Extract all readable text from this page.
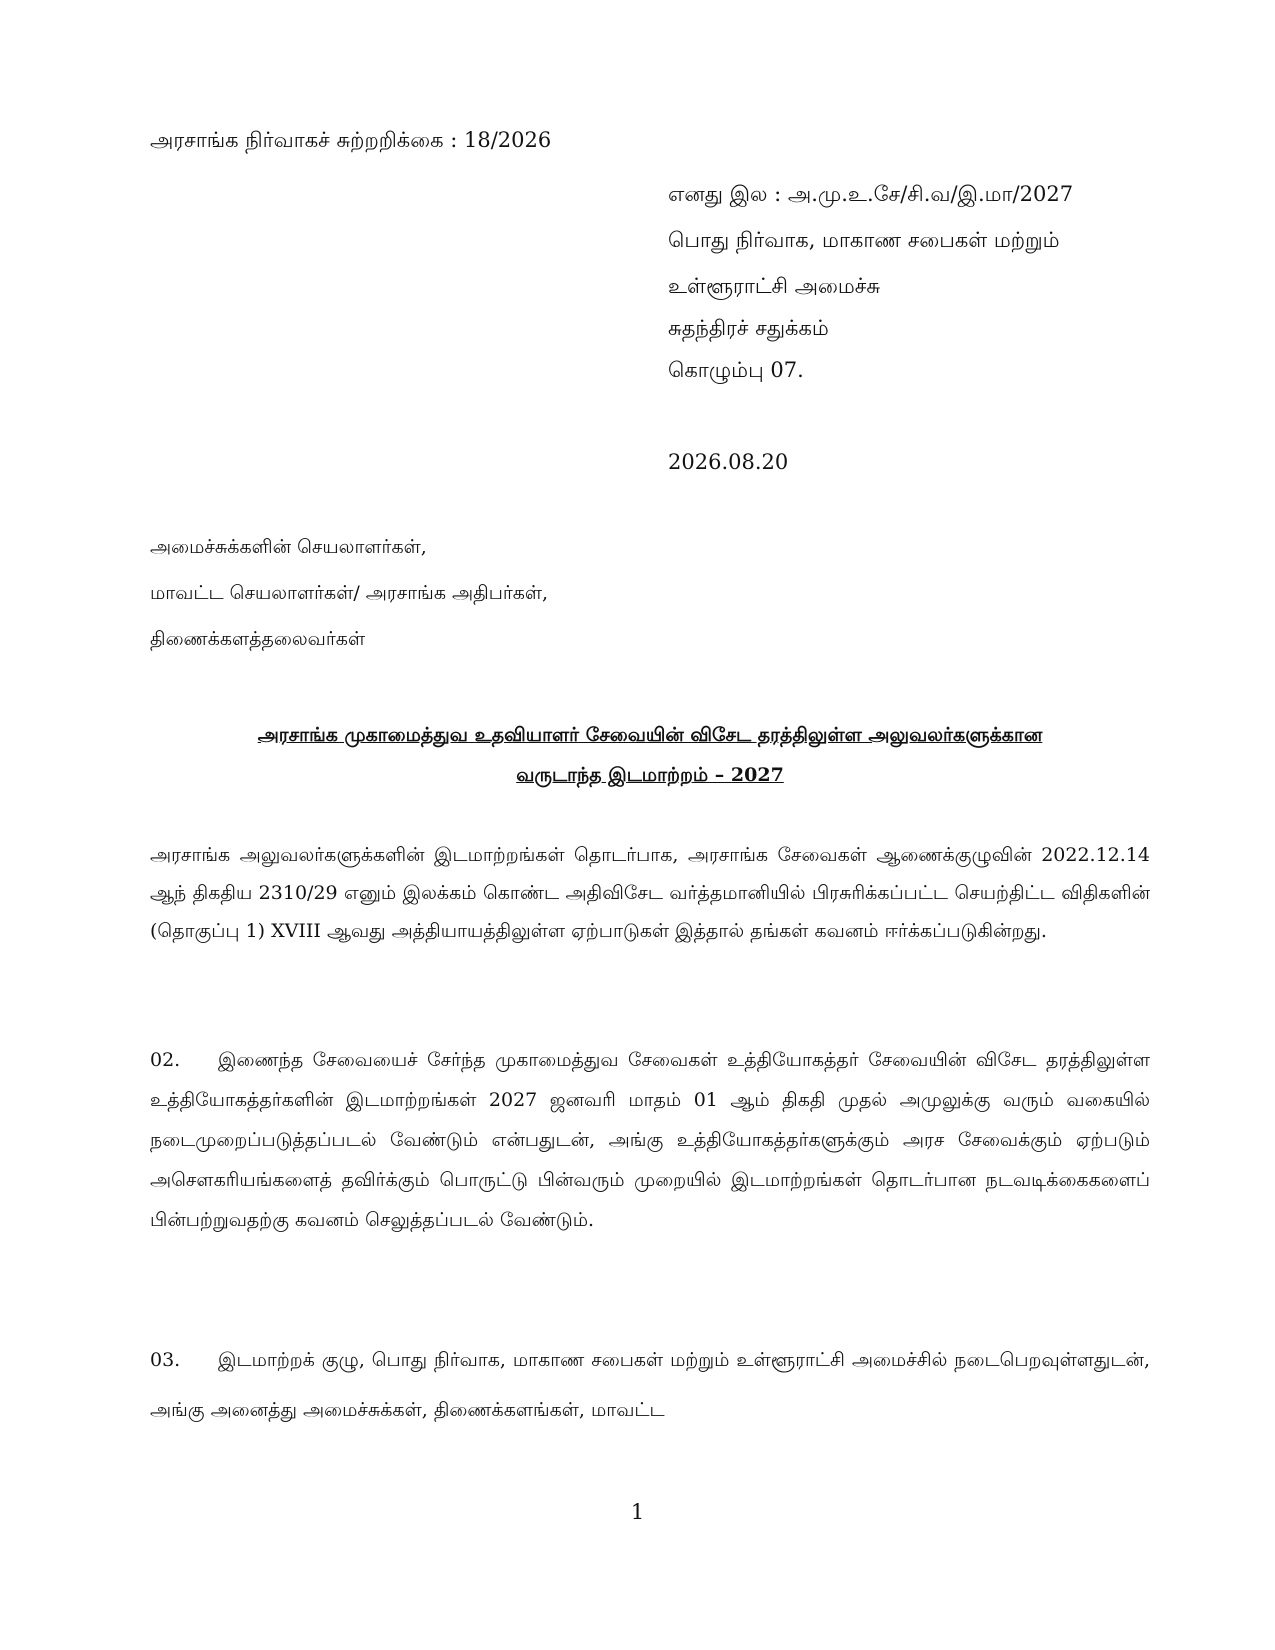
அரசாங்க நிர்வாகச் சுற்றறிக்கை : 18/2026
எனது இல : அ.மு.உ.சே/சி.வ/இ.மா/2027
பொது நிர்வாக, மாகாண சபைகள் மற்றும்
உள்ளூராட்சி அமைச்சு
சுதந்திரச் சதுக்கம்
கொழும்பு 07.
2026.08.20
அமைச்சுக்களின் செயலாளர்கள்,
மாவட்ட செயலாளர்கள்/ அரசாங்க அதிபர்கள்,
திணைக்களத்தலைவர்கள்
அரசாங்க முகாமைத்துவ உதவியாளர் சேவையின் விசேட தரத்திலுள்ள அலுவலர்களுக்கான
வருடாந்த இடமாற்றம் – 2027
அரசாங்க அலுவலர்களுக்களின் இடமாற்றங்கள் தொடர்பாக, அரசாங்க சேவைகள் ஆணைக்குழுவின் 2022.12.14 ஆந் திகதிய 2310/29 எனும் இலக்கம் கொண்ட அதிவிசேட வர்த்தமானியில் பிரசுரிக்கப்பட்ட செயற்திட்ட விதிகளின் (தொகுப்பு 1) XVIII ஆவது அத்தியாயத்திலுள்ள ஏற்பாடுகள் இத்தால் தங்கள் கவனம் ஈர்க்கப்படுகின்றது.
02. இணைந்த சேவையைச் சேர்ந்த முகாமைத்துவ சேவைகள் உத்தியோகத்தர் சேவையின் விசேட தரத்திலுள்ள உத்தியோகத்தர்களின் இடமாற்றங்கள் 2027 ஜனவரி மாதம் 01 ஆம் திகதி முதல் அமுலுக்கு வரும் வகையில் நடைமுறைப்படுத்தப்படல் வேண்டும் என்பதுடன், அங்கு உத்தியோகத்தர்களுக்கும் அரச சேவைக்கும் ஏற்படும் அசௌகரியங்களைத் தவிர்க்கும் பொருட்டு பின்வரும் முறையில் இடமாற்றங்கள் தொடர்பான நடவடிக்கைகளைப் பின்பற்றுவதற்கு கவனம் செலுத்தப்படல் வேண்டும்.
03. இடமாற்றக் குழு, பொது நிர்வாக, மாகாண சபைகள் மற்றும் உள்ளூராட்சி அமைச்சில் நடைபெறவுள்ளதுடன், அங்கு அனைத்து அமைச்சுக்கள், திணைக்களங்கள், மாவட்ட
1
